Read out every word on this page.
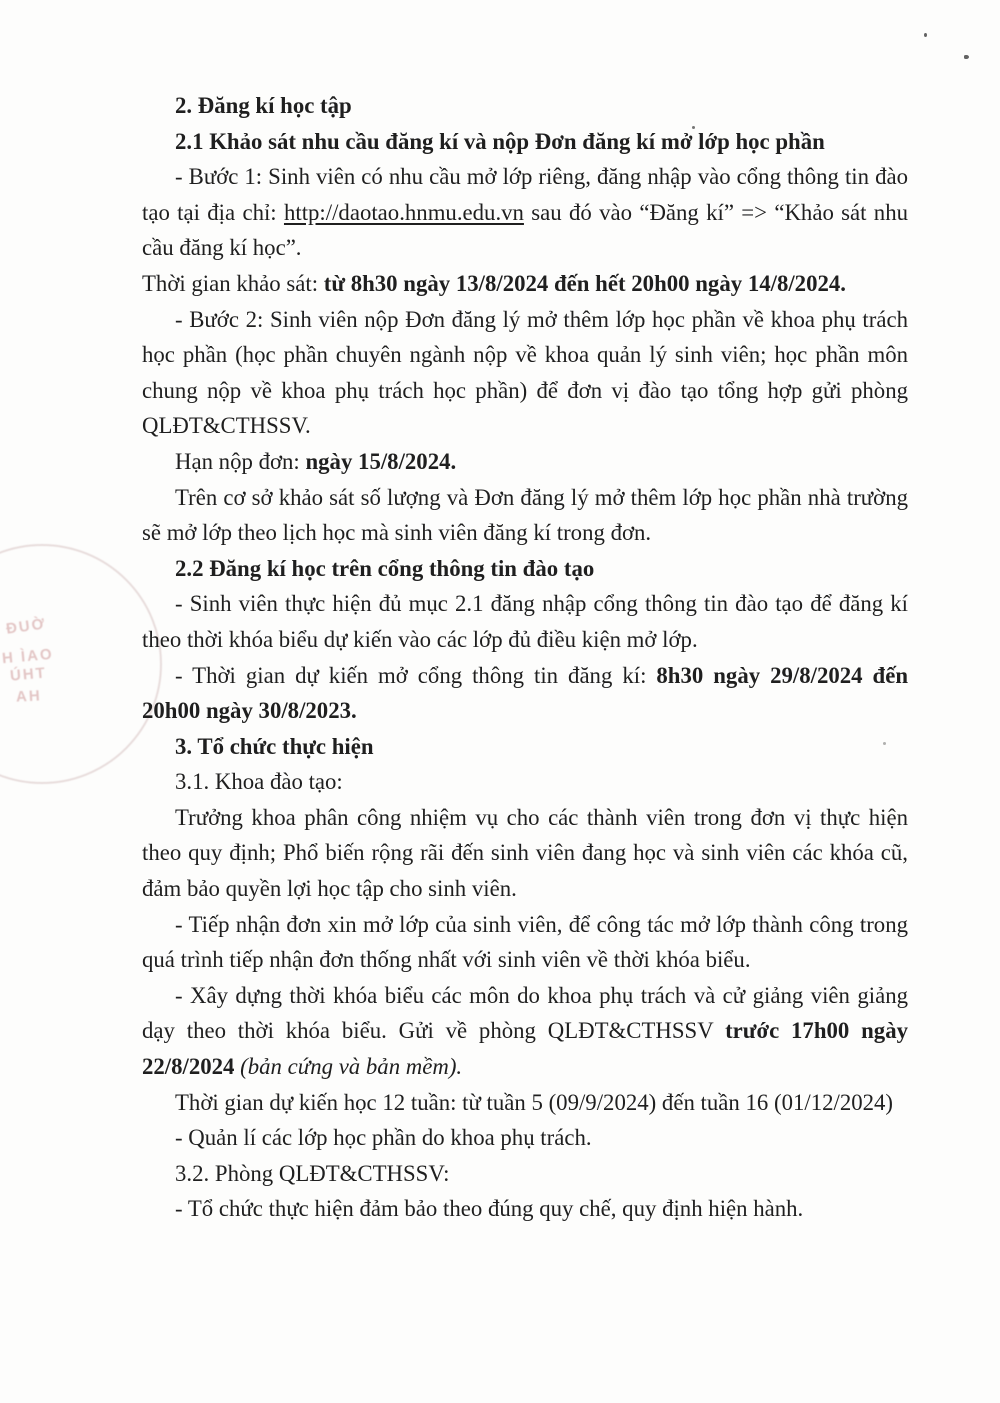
ĐUỜ
H ÌAO
ÚHT
AH

2. Đăng kí học tập

2.1 Khảo sát nhu cầu đăng kí và nộp Đơn đăng kí mở lớp học phần

- Bước 1: Sinh viên có nhu cầu mở lớp riêng, đăng nhập vào cổng thông tin đào tạo tại địa chỉ: http://daotao.hnmu.edu.vn sau đó vào “Đăng kí” => “Khảo sát nhu cầu đăng kí học”.

Thời gian khảo sát: từ 8h30 ngày 13/8/2024 đến hết 20h00 ngày 14/8/2024.

- Bước 2: Sinh viên nộp Đơn đăng lý mở thêm lớp học phần về khoa phụ trách học phần (học phần chuyên ngành nộp về khoa quản lý sinh viên; học phần môn chung nộp về khoa phụ trách học phần) để đơn vị đào tạo tổng hợp gửi phòng QLĐT&CTHSSV.

Hạn nộp đơn: ngày 15/8/2024.

Trên cơ sở khảo sát số lượng và Đơn đăng lý mở thêm lớp học phần nhà trường sẽ mở lớp theo lịch học mà sinh viên đăng kí trong đơn.

2.2 Đăng kí học trên cổng thông tin đào tạo

- Sinh viên thực hiện đủ mục 2.1 đăng nhập cổng thông tin đào tạo để đăng kí theo thời khóa biểu dự kiến vào các lớp đủ điều kiện mở lớp.

- Thời gian dự kiến mở cổng thông tin đăng kí: 8h30 ngày 29/8/2024 đến 20h00 ngày 30/8/2023.

3. Tổ chức thực hiện

3.1. Khoa đào tạo:

Trưởng khoa phân công nhiệm vụ cho các thành viên trong đơn vị thực hiện theo quy định; Phổ biến rộng rãi đến sinh viên đang học và sinh viên các khóa cũ, đảm bảo quyền lợi học tập cho sinh viên.

- Tiếp nhận đơn xin mở lớp của sinh viên, để công tác mở lớp thành công trong quá trình tiếp nhận đơn thống nhất với sinh viên về thời khóa biểu.

- Xây dựng thời khóa biểu các môn do khoa phụ trách và cử giảng viên giảng dạy theo thời khóa biểu. Gửi về phòng QLĐT&CTHSSV trước 17h00 ngày 22/8/2024 (bản cứng và bản mềm).

Thời gian dự kiến học 12 tuần: từ tuần 5 (09/9/2024) đến tuần 16 (01/12/2024)

- Quản lí các lớp học phần do khoa phụ trách.

3.2. Phòng QLĐT&CTHSSV:

- Tổ chức thực hiện đảm bảo theo đúng quy chế, quy định hiện hành.
